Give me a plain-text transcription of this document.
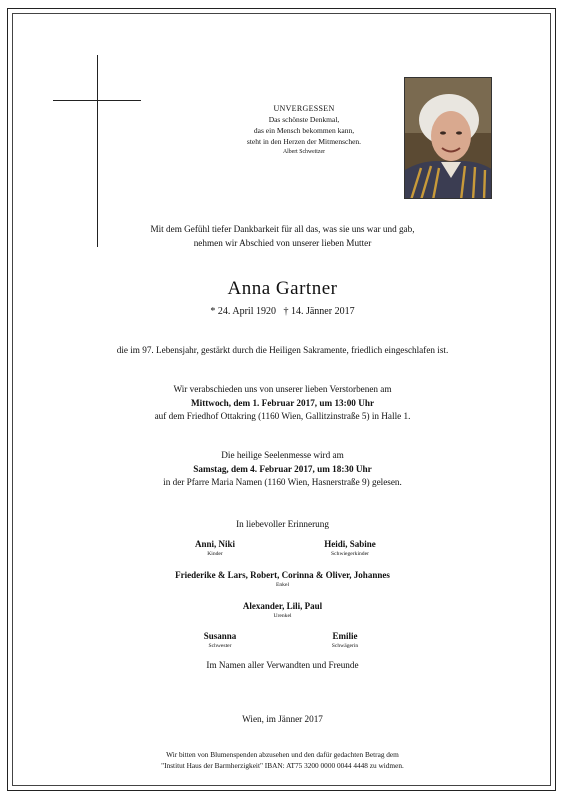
UNVERGESSEN
Das schönste Denkmal,
das ein Mensch bekommen kann,
steht in den Herzen der Mitmenschen.
Albert Schweitzer
Mit dem Gefühl tiefer Dankbarkeit für all das, was sie uns war und gab,
nehmen wir Abschied von unserer lieben Mutter
Anna Gartner
* 24. April 1920   † 14. Jänner 2017
die im 97. Lebensjahr, gestärkt durch die Heiligen Sakramente, friedlich eingeschlafen ist.
Wir verabschieden uns von unserer lieben Verstorbenen am
Mittwoch, dem 1. Februar 2017, um 13:00 Uhr
auf dem Friedhof Ottakring (1160 Wien, Gallitzinstraße 5) in Halle 1.
Die heilige Seelenmesse wird am
Samstag, dem 4. Februar 2017, um 18:30 Uhr
in der Pfarre Maria Namen (1160 Wien, Hasnerstraße 9) gelesen.
In liebevoller Erinnerung
Anni, Niki
Kinder
Heidi, Sabine
Schwiegerkinder
Friederike & Lars, Robert, Corinna & Oliver, Johannes
Enkel
Alexander, Lili, Paul
Urenkel
Susanna
Schwester
Emilie
Schwägerin
Im Namen aller Verwandten und Freunde
Wien, im Jänner 2017
Wir bitten von Blumenspenden abzusehen und den dafür gedachten Betrag dem
"Institut Haus der Barmherzigkeit" IBAN: AT75 3200 0000 0044 4448 zu widmen.
